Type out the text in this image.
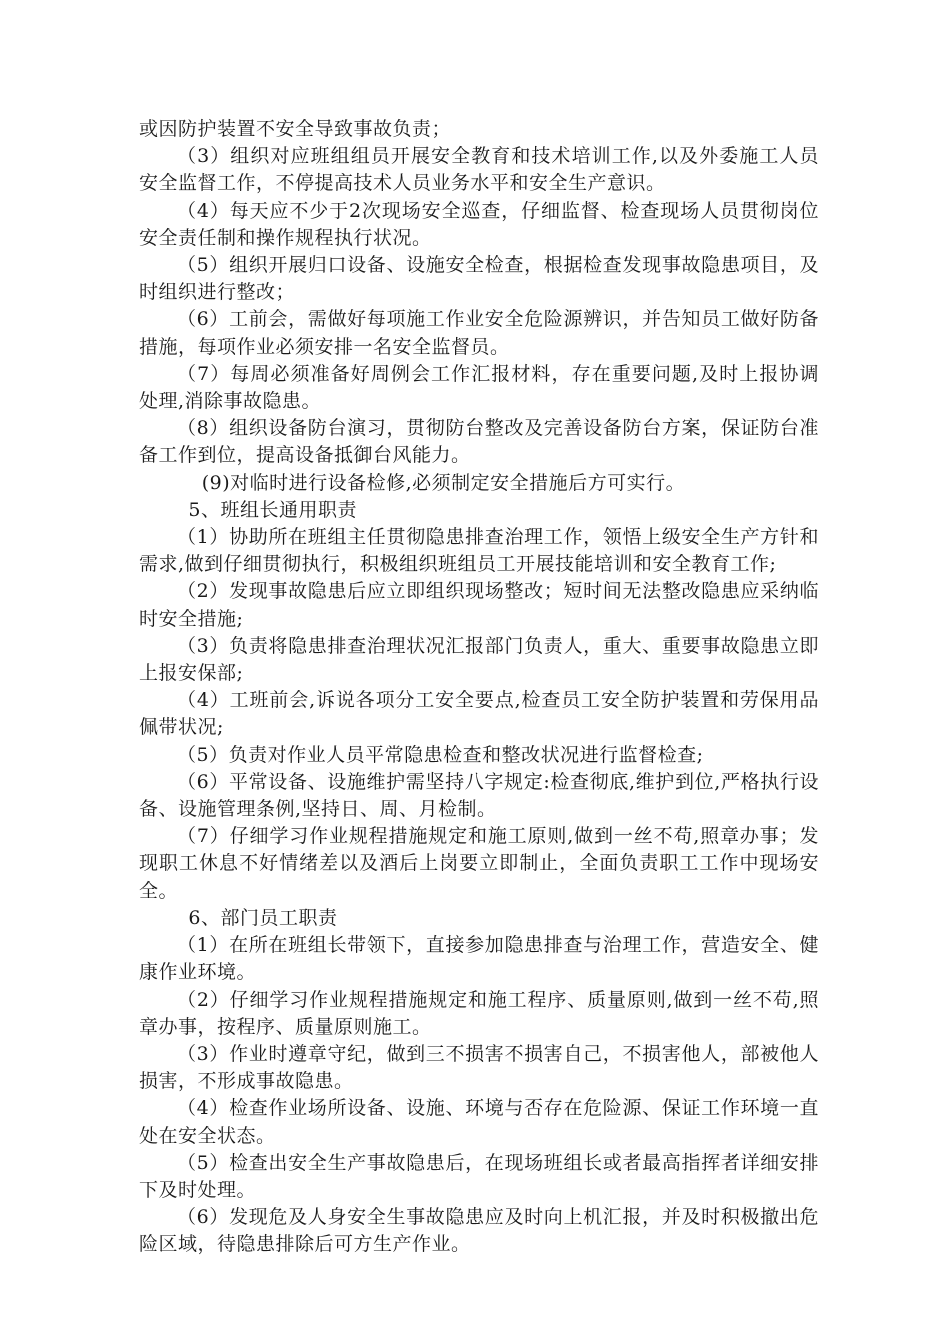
或因防护装置不安全导致事故负责；

（3）组织对应班组组员开展安全教育和技术培训工作,以及外委施工人员安全监督工作，不停提高技术人员业务水平和安全生产意识。

（4）每天应不少于2次现场安全巡查，仔细监督、检查现场人员贯彻岗位安全责任制和操作规程执行状况。

（5）组织开展归口设备、设施安全检查，根据检查发现事故隐患项目，及时组织进行整改；

（6）工前会，需做好每项施工作业安全危险源辨识，并告知员工做好防备措施，每项作业必须安排一名安全监督员。

（7）每周必须准备好周例会工作汇报材料，存在重要问题,及时上报协调处理,消除事故隐患。

（8）组织设备防台演习，贯彻防台整改及完善设备防台方案，保证防台准备工作到位，提高设备抵御台风能力。

(9)对临时进行设备检修,必须制定安全措施后方可实行。

5、班组长通用职责

（1）协助所在班组主任贯彻隐患排查治理工作，领悟上级安全生产方针和需求,做到仔细贯彻执行，积极组织班组员工开展技能培训和安全教育工作;

（2）发现事故隐患后应立即组织现场整改；短时间无法整改隐患应采纳临时安全措施;

（3）负责将隐患排查治理状况汇报部门负责人，重大、重要事故隐患立即上报安保部;

（4）工班前会,诉说各项分工安全要点,检查员工安全防护装置和劳保用品佩带状况;

（5）负责对作业人员平常隐患检查和整改状况进行监督检查;

（6）平常设备、设施维护需坚持八字规定:检查彻底,维护到位,严格执行设备、设施管理条例,坚持日、周、月检制。

（7）仔细学习作业规程措施规定和施工原则,做到一丝不苟,照章办事；发现职工休息不好情绪差以及酒后上岗要立即制止，全面负责职工工作中现场安全。

6、部门员工职责

（1）在所在班组长带领下，直接参加隐患排查与治理工作，营造安全、健康作业环境。

（2）仔细学习作业规程措施规定和施工程序、质量原则,做到一丝不苟,照章办事，按程序、质量原则施工。

（3）作业时遵章守纪，做到三不损害不损害自己，不损害他人，部被他人损害，不形成事故隐患。

（4）检查作业场所设备、设施、环境与否存在危险源、保证工作环境一直处在安全状态。

（5）检查出安全生产事故隐患后，在现场班组长或者最高指挥者详细安排下及时处理。

（6）发现危及人身安全生事故隐患应及时向上机汇报，并及时积极撤出危险区域，待隐患排除后可方生产作业。
